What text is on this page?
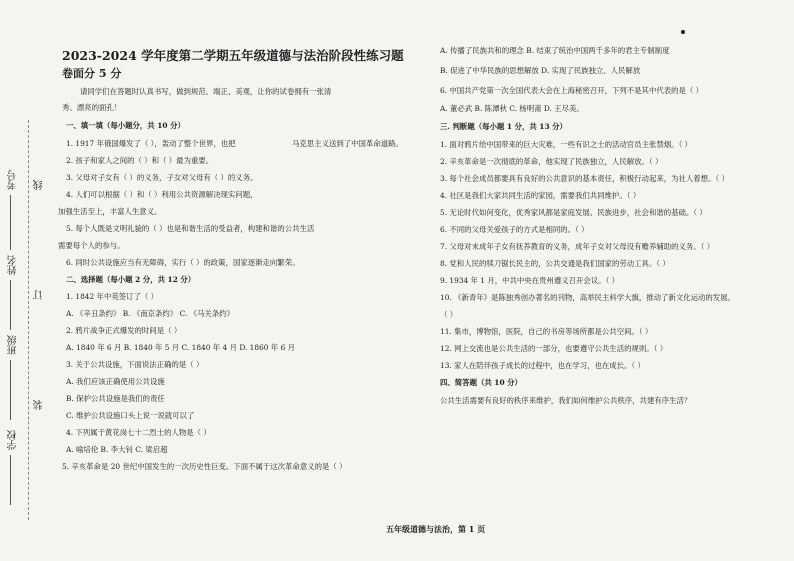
线
订
装
考号
姓名
班级
学校
2023-2024 学年度第二学期五年级道德与法治阶段性练习题
卷面分 5 分
请同学们在答题时认真书写，做到规范、端正、美观，让你的试卷拥有一张清
秀、漂亮的面孔！
一、填一填（每小题分，共 10 分）
1. 1917 年俄国爆发了（ ），轰动了整个世界，也把	马克思主义送到了中国革命道路。
2. 孩子和家人之间的（ ）和（ ）最为重要。
3. 父母对子女有（ ）的义务，子女对父母有（ ）的义务。
4. 人们可以根据（ ）和（ ）利用公共资源解决现实问题，
加强生活至上，丰富人生意义。
5. 每个人既是文明礼貌的（ ）也是和谐生活的受益者，构建和谐的公共生活
需要每个人的参与。
6. 同时公共设施应当有无障碍，实行（ ）的政策，国家逐渐走向繁荣。
二、选择题（每小题 2 分，共 12 分）
1. 1842 年中英签订了（ ）
A. 《辛丑条约》 B. 《南京条约》 C. 《马关条约》
2. 鸦片战争正式爆发的时间是（ ）
A. 1840 年 6 月 B. 1840 年 5 月 C. 1840 年 4 月 D. 1860 年 6 月
3. 关于公共设施，下面说法正确的是（ ）
A. 我们应该正确使用公共设施
B. 保护公共设施是我们的责任
C. 维护公共设施口头上说一说就可以了
4. 下列属于黄花岗七十二烈士的人物是（ ）
A. 喻培伦 B. 李大钊 C. 梁启超
5. 辛亥革命是 20 世纪中国发生的一次历史性巨变。下面不属于这次革命意义的是（ ）
A. 传播了民族共和的理念 B. 结束了统治中国两千多年的君主专制制度
B. 促进了中华民族的思想解放 D. 实现了民族独立、人民解放
6. 中国共产党第一次全国代表大会在上海秘密召开，下列不是其中代表的是（ ）
A. 董必武 B. 陈潭秋 C. 杨明斋 D. 王尽美。
三. 判断题（每小题 1 分，共 13 分）
1. 面对鸦片给中国带来的巨大灾难，一些有识之士的活动官员主张禁烟。（ ）
2. 辛亥革命是一次彻底的革命，他实现了民族独立，人民解放。（ ）
3. 每个社会成员都要具有良好的公共意识的基本责任，积极行动起来，为社人着想。（ ）
4. 社区是我们大家共同生活的家园，需要我们共同维护。（ ）
5. 无论时代如何变化，优秀家风都是家庭发展、民族进步，社会和谐的基础。（ ）
6. 不同的父母关爱孩子的方式是相同的。（ ）
7. 父母对未成年子女有抚养教育的义务，成年子女对父母没有赡养辅助的义务。（ ）
8. 党和人民的犊刀锯长民主的，公共交通是我们国家的劳动工具。（ ）
9. 1934 年 1 月，中共中央在贵州遵义召开会议。（ ）
10. 《新青年》是陈独秀创办著名的刊物，高举民主科学大旗，推动了新文化运动的发展。
（ ）
11. 集市，博物馆，医院，自己的书房等场所都是公共空间。（ ）
12. 网上交流也是公共生活的一部分，也要遵守公共生活的规则。（ ）
13. 家人在陪伴孩子成长的过程中，也在学习，也在成长。（ ）
四、简答题（共 10 分）
公共生活需要有良好的秩序来维护，我们如何维护公共秩序，共建有序生活？
五年级道德与法治，第 1 页
